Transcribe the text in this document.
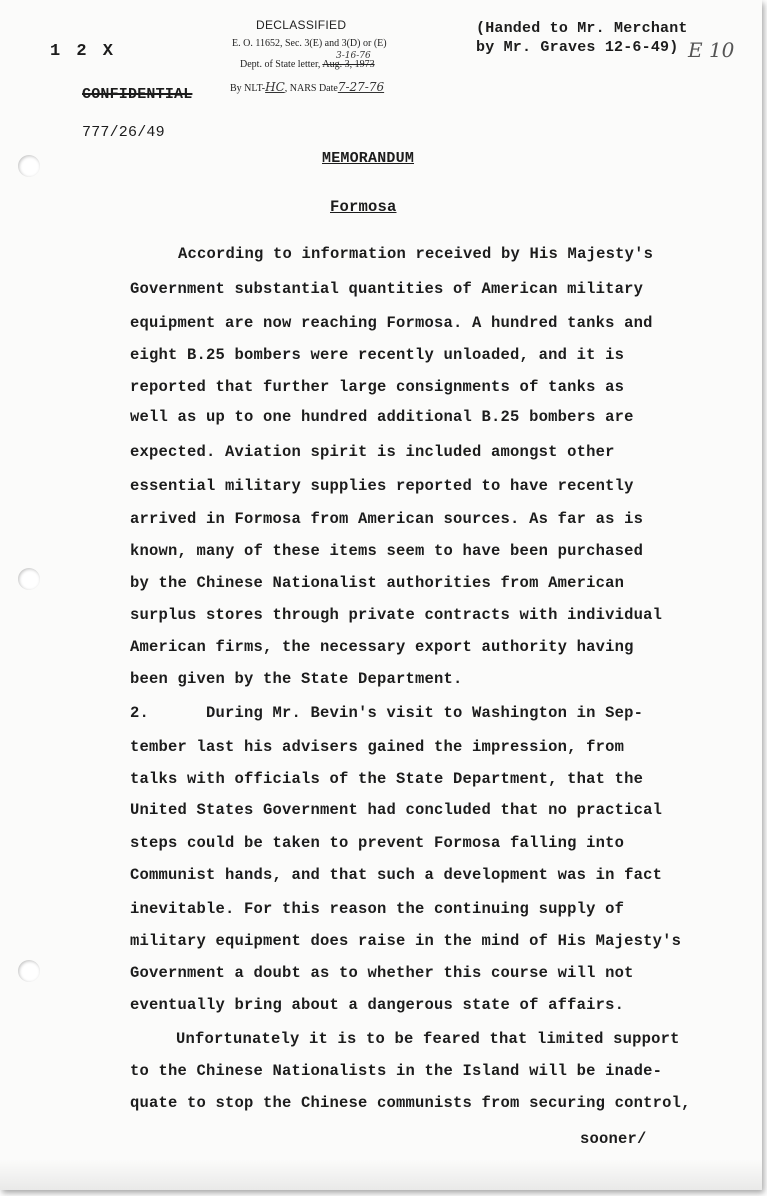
1 2 X
CONFIDENTIAL
777/26/49
DECLASSIFIED
E. O. 11652, Sec. 3(E) and 3(D) or (E)
3-16-76
Dept. of State letter, Aug. 3, 1973
By NLT-HC, NARS Date7-27-76
(Handed to Mr. Merchant
by Mr. Graves 12-6-49) E 10
MEMORANDUM
Formosa
According to information received by His Majesty's
Government substantial quantities of American military
equipment are now reaching Formosa. A hundred tanks and
eight B.25 bombers were recently unloaded, and it is
reported that further large consignments of tanks as
well as up to one hundred additional B.25 bombers are
expected. Aviation spirit is included amongst other
essential military supplies reported to have recently
arrived in Formosa from American sources. As far as is
known, many of these items seem to have been purchased
by the Chinese Nationalist authorities from American
surplus stores through private contracts with individual
American firms, the necessary export authority having
been given by the State Department.
2.      During Mr. Bevin's visit to Washington in Sep-
tember last his advisers gained the impression, from
talks with officials of the State Department, that the
United States Government had concluded that no practical
steps could be taken to prevent Formosa falling into
Communist hands, and that such a development was in fact
inevitable. For this reason the continuing supply of
military equipment does raise in the mind of His Majesty's
Government a doubt as to whether this course will not
eventually bring about a dangerous state of affairs.
Unfortunately it is to be feared that limited support
to the Chinese Nationalists in the Island will be inade-
quate to stop the Chinese communists from securing control,
sooner/
